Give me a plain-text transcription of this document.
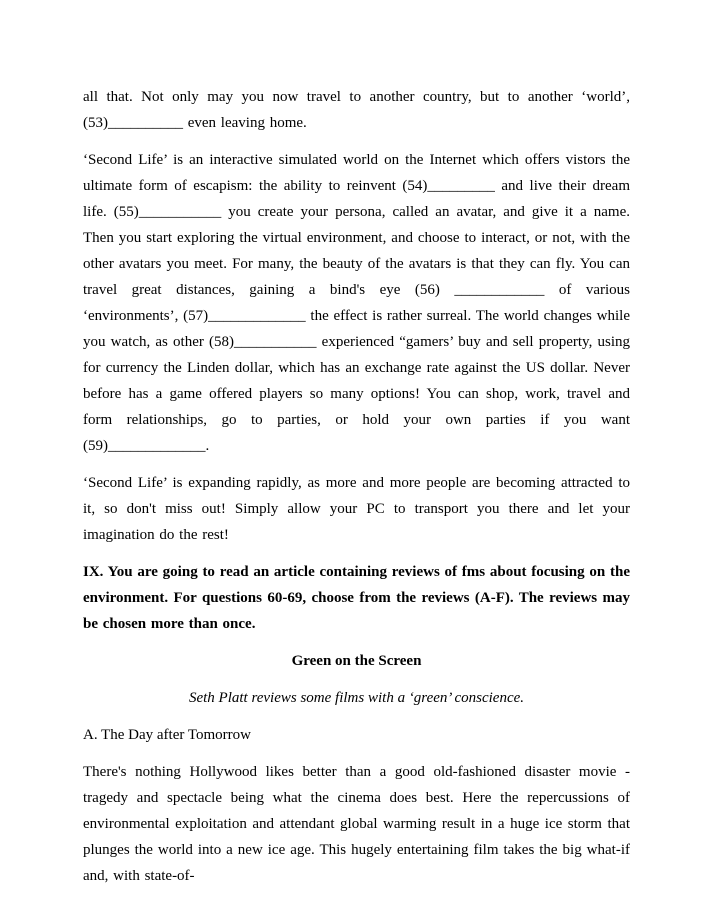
all that. Not only may you now travel to another country, but to another ‘world’, (53)__________ even leaving home.

‘Second Life’ is an interactive simulated world on the Internet which offers vistors the ultimate form of escapism: the ability to reinvent (54)_________ and live their dream life. (55)___________ you create your persona, called an avatar, and give it a name. Then you start exploring the virtual environment, and choose to interact, or not, with the other avatars you meet. For many, the beauty of the avatars is that they can fly. You can travel great distances, gaining a bind's eye (56) ____________ of various ‘environments’, (57)_____________ the effect is rather surreal. The world changes while you watch, as other (58)___________ experienced “gamers’ buy and sell property, using for currency the Linden dollar, which has an exchange rate against the US dollar. Never before has a game offered players so many options! You can shop, work, travel and form relationships, go to parties, or hold your own parties if you want (59)_____________.

‘Second Life’ is expanding rapidly, as more and more people are becoming attracted to it, so don't miss out! Simply allow your PC to transport you there and let your imagination do the rest!

IX. You are going to read an article containing reviews of fms about focusing on the environment. For questions 60-69, choose from the reviews (A-F). The reviews may be chosen more than once.

Green on the Screen

Seth Platt reviews some films with a ‘green’ conscience.

A. The Day after Tomorrow

There's nothing Hollywood likes better than a good old-fashioned disaster movie - tragedy and spectacle being what the cinema does best. Here the repercussions of environmental exploitation and attendant global warming result in a huge ice storm that plunges the world into a new ice age. This hugely entertaining film takes the big what-if and, with state-of-
